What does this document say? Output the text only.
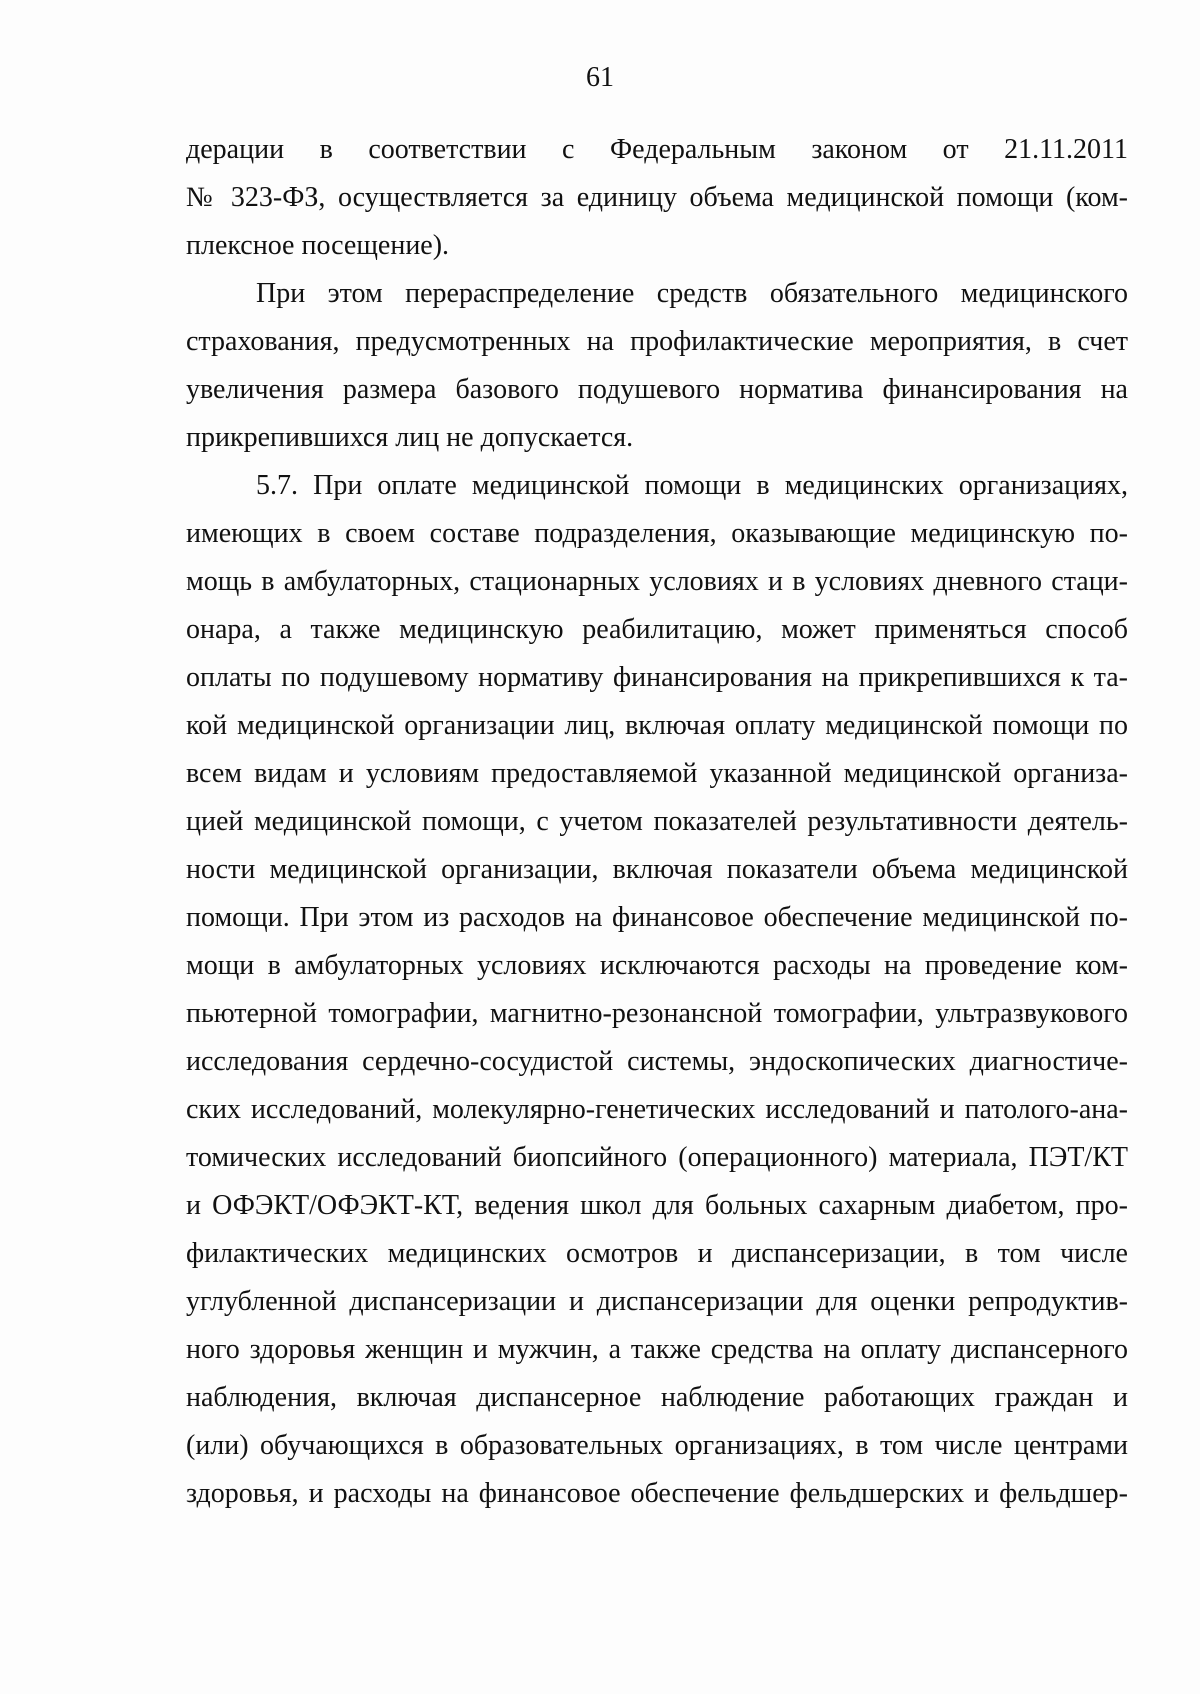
61
дерации в соответствии с Федеральным законом от 21.11.2011
№ 323-ФЗ, осуществляется за единицу объема медицинской помощи (ком-
плексное посещение).
При этом перераспределение средств обязательного медицинского
страхования, предусмотренных на профилактические мероприятия, в счет
увеличения размера базового подушевого норматива финансирования на
прикрепившихся лиц не допускается.
5.7. При оплате медицинской помощи в медицинских организациях,
имеющих в своем составе подразделения, оказывающие медицинскую по-
мощь в амбулаторных, стационарных условиях и в условиях дневного стаци-
онара, а также медицинскую реабилитацию, может применяться способ
оплаты по подушевому нормативу финансирования на прикрепившихся к та-
кой медицинской организации лиц, включая оплату медицинской помощи по
всем видам и условиям предоставляемой указанной медицинской организа-
цией медицинской помощи, с учетом показателей результативности деятель-
ности медицинской организации, включая показатели объема медицинской
помощи. При этом из расходов на финансовое обеспечение медицинской по-
мощи в амбулаторных условиях исключаются расходы на проведение ком-
пьютерной томографии, магнитно-резонансной томографии, ультразвукового
исследования сердечно-сосудистой системы, эндоскопических диагностиче-
ских исследований, молекулярно-генетических исследований и патолого-ана-
томических исследований биопсийного (операционного) материала, ПЭТ/КТ
и ОФЭКТ/ОФЭКТ-КТ, ведения школ для больных сахарным диабетом, про-
филактических медицинских осмотров и диспансеризации, в том числе
углубленной диспансеризации и диспансеризации для оценки репродуктив-
ного здоровья женщин и мужчин, а также средства на оплату диспансерного
наблюдения, включая диспансерное наблюдение работающих граждан и
(или) обучающихся в образовательных организациях, в том числе центрами
здоровья, и расходы на финансовое обеспечение фельдшерских и фельдшер-
